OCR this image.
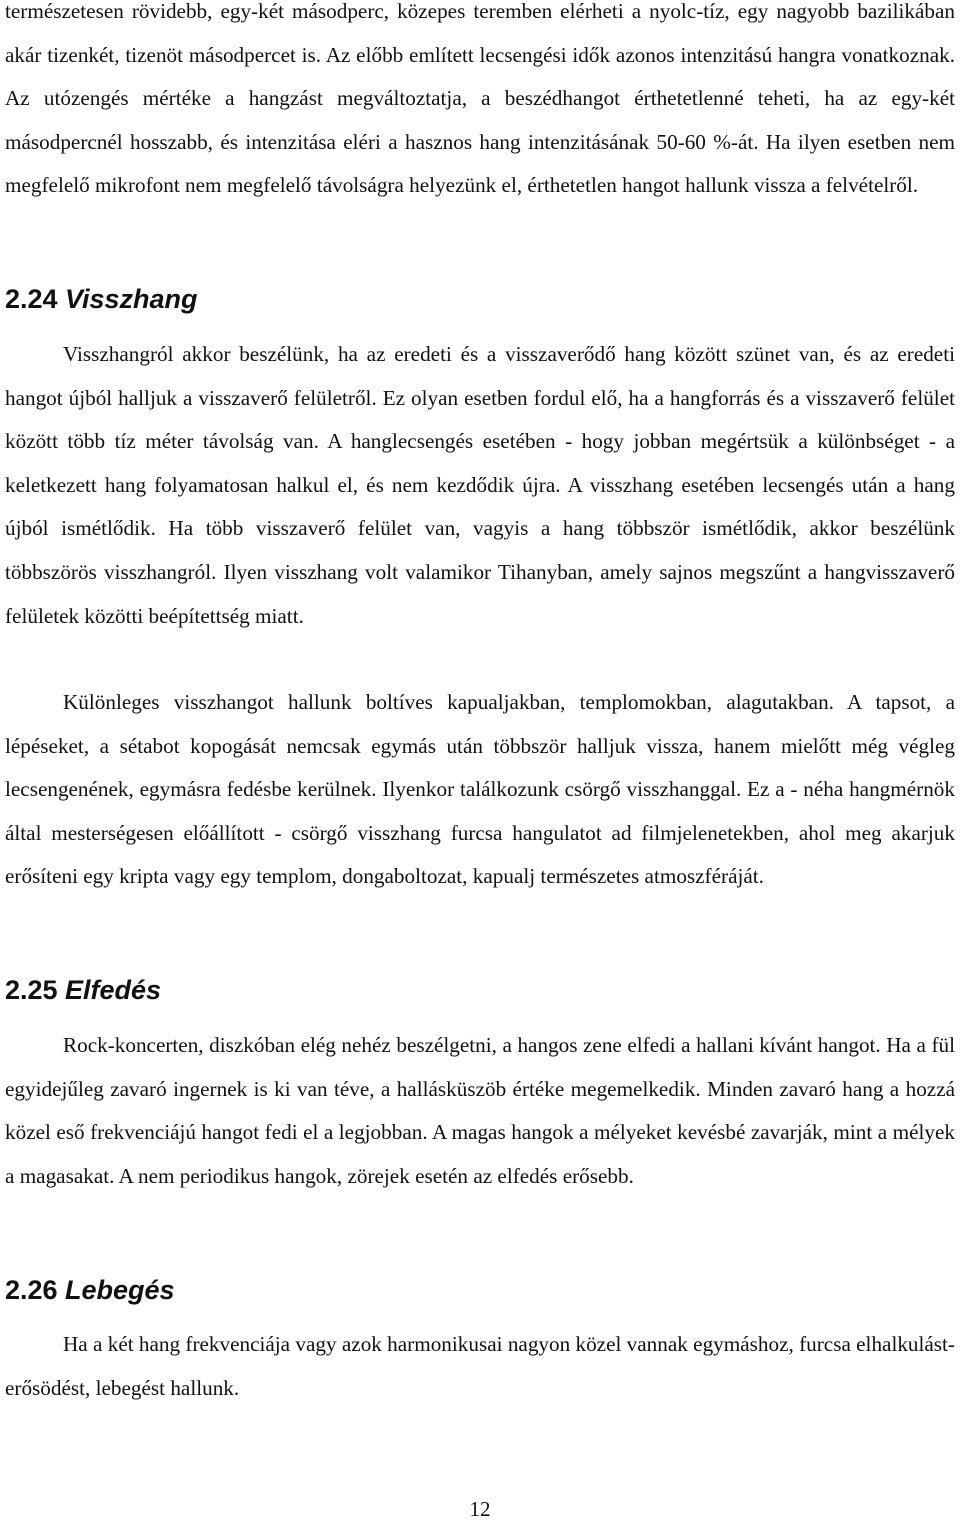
természetesen rövidebb, egy-két másodperc, közepes teremben elérheti a nyolc-tíz, egy nagyobb bazilikában akár tizenkét, tizenöt másodpercet is. Az előbb említett lecsengési idők azonos intenzitású hangra vonatkoznak. Az utózengés mértéke a hangzást megváltoztatja, a beszédhangot érthetetlenné teheti, ha az egy-két másodpercnél hosszabb, és intenzitása eléri a hasznos hang intenzitásának 50-60 %-át. Ha ilyen esetben nem megfelelő mikrofont nem megfelelő távolságra helyezünk el, érthetetlen hangot hallunk vissza a felvételről.

2.24 Visszhang

Visszhangról akkor beszélünk, ha az eredeti és a visszaverődő hang között szünet van, és az eredeti hangot újból halljuk a visszaverő felületről. Ez olyan esetben fordul elő, ha a hangforrás és a visszaverő felület között több tíz méter távolság van. A hanglecsengés esetében - hogy jobban megértsük a különbséget - a keletkezett hang folyamatosan halkul el, és nem kezdődik újra. A visszhang esetében lecsengés után a hang újból ismétlődik. Ha több visszaverő felület van, vagyis a hang többször ismétlődik, akkor beszélünk többszörös visszhangról. Ilyen visszhang volt valamikor Tihanyban, amely sajnos megszűnt a hangvisszaverő felületek közötti beépítettség miatt.

Különleges visszhangot hallunk boltíves kapualjakban, templomokban, alagutakban. A tapsot, a lépéseket, a sétabot kopogását nemcsak egymás után többször halljuk vissza, hanem mielőtt még végleg lecsengenének, egymásra fedésbe kerülnek. Ilyenkor találkozunk csörgő visszhanggal. Ez a - néha hangmérnök által mesterségesen előállított - csörgő visszhang furcsa hangulatot ad filmjelenetekben, ahol meg akarjuk erősíteni egy kripta vagy egy templom, dongaboltozat, kapualj természetes atmoszféráját.

2.25 Elfedés

Rock-koncerten, diszkóban elég nehéz beszélgetni, a hangos zene elfedi a hallani kívánt hangot. Ha a fül egyidejűleg zavaró ingernek is ki van téve, a hallásküszöb értéke megemelkedik. Minden zavaró hang a hozzá közel eső frekvenciájú hangot fedi el a legjobban. A magas hangok a mélyeket kevésbé zavarják, mint a mélyek a magasakat. A nem periodikus hangok, zörejek esetén az elfedés erősebb.

2.26 Lebegés

Ha a két hang frekvenciája vagy azok harmonikusai nagyon közel vannak egymáshoz, furcsa elhalkulást-erősödést, lebegést hallunk.

12
